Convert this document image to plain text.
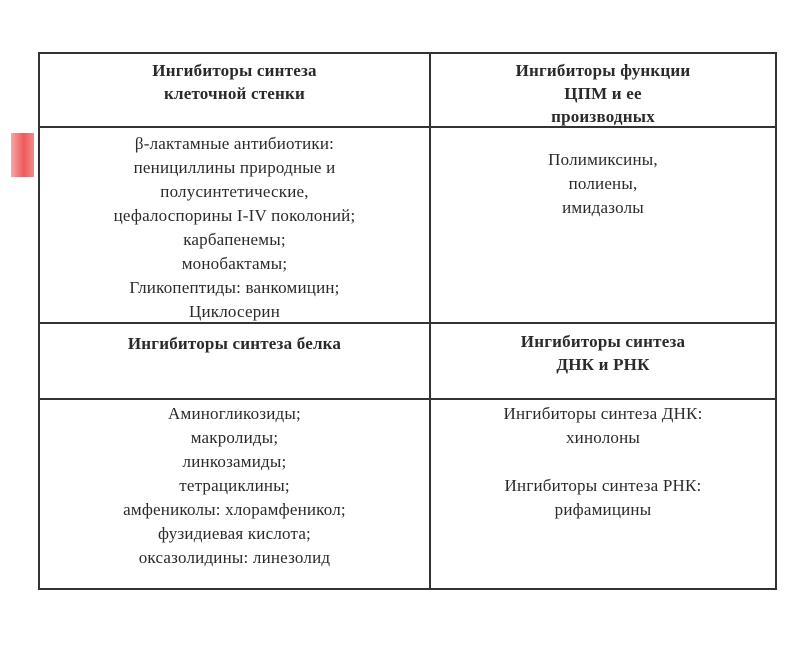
Ингибиторы синтеза
клеточной стенки
Ингибиторы функции
ЦПМ и ее
производных
β-лактамные антибиотики:
пенициллины природные и
полусинтетические,
цефалоспорины I-IV поколоний;
карбапенемы;
монобактамы;
Гликопептиды: ванкомицин;
Циклосерин
Полимиксины,
полиены,
имидазолы
Ингибиторы синтеза белка	Ингибиторы синтеза
ДНК и РНК
Аминогликозиды;
макролиды;
линкозамиды;
тетрациклины;
амфениколы: хлорамфеникол;
фузидиевая кислота;
оксазолидины: линезолид
Ингибиторы синтеза ДНК:
хинолоны
Ингибиторы синтеза РНК:
рифамицины
